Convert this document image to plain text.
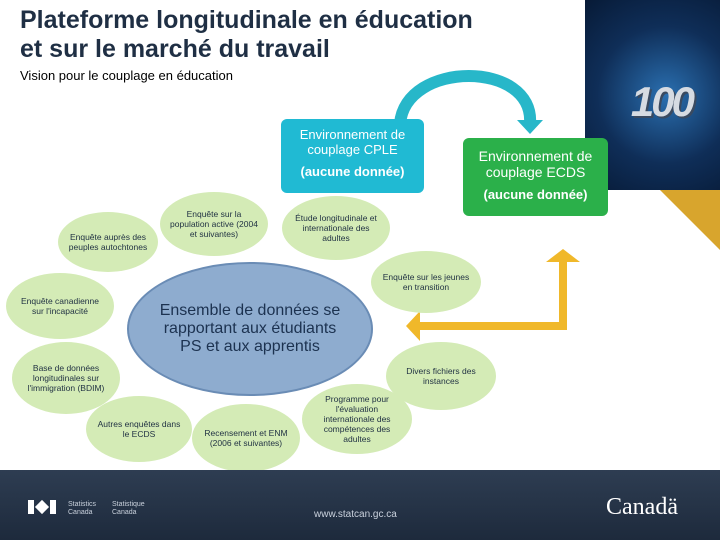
Plateforme longitudinale en éducation
et sur le marché du travail
Vision pour le couplage en éducation
100
Environnement de couplage CPLE
(aucune donnée)
Environnement de couplage ECDS
(aucune donnée)
Enquête sur la population active (2004 et suivantes)
Étude longitudinale et internationale des adultes
Enquête auprès des peuples autochtones
Enquête canadienne sur l'incapacité
Enquête sur les jeunes en transition
Base de données longitudinales sur l'immigration (BDIM)
Divers fichiers des instances
Autres enquêtes dans le ECDS	Recensement et ENM (2006 et suivantes)
Programme pour l'évaluation internationale des compétences des adultes
Ensemble de données se rapportant aux étudiants PS et aux apprentis
Statistics
Canada
Statistique
Canada	www.statcan.gc.ca	Canadä
